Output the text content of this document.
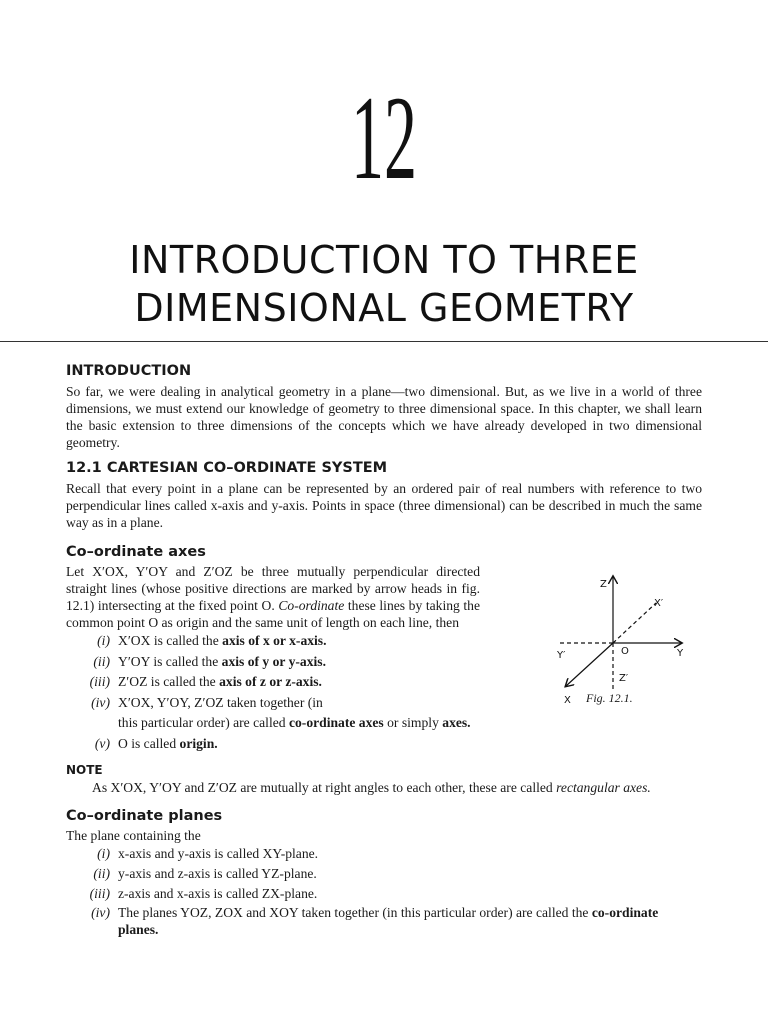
12
INTRODUCTION TO THREE
DIMENSIONAL GEOMETRY
INTRODUCTION

So far, we were dealing in analytical geometry in a plane—two dimensional. But, as we live in a world of three dimensions, we must extend our knowledge of geometry to three dimensional space. In this chapter, we shall learn the basic extension to three dimensions of the concepts which we have already developed in two dimensional geometry.

12.1 CARTESIAN CO–ORDINATE SYSTEM

Recall that every point in a plane can be represented by an ordered pair of real numbers with reference to two perpendicular lines called x-axis and y-axis. Points in space (three dimensional) can be described in much the same way as in a plane.

Co–ordinate axes

Let X′OX, Y′OY and Z′OZ be three mutually perpendicular directed straight lines (whose positive directions are marked by arrow heads in fig. 12.1) intersecting at the fixed point O. Co-ordinate these lines by taking the common point O as origin and the same unit of length on each line, then

(i) X′OX is called the axis of x or x-axis.
(ii) Y′OY is called the axis of y or y-axis.
(iii) Z′OZ is called the axis of z or z-axis.
(iv) X′OX, Y′OY, Z′OZ taken together (in
this particular order) are called co-ordinate axes or simply axes.
(v) O is called origin.
Z
X′
Y′	O	Y
X
Z′
Fig. 12.1.
NOTE

As X′OX, Y′OY and Z′OZ are mutually at right angles to each other, these are called rectangular axes.

Co–ordinate planes

The plane containing the

(i) x-axis and y-axis is called XY-plane.
(ii) y-axis and z-axis is called YZ-plane.
(iii) z-axis and x-axis is called ZX-plane.
(iv) The planes YOZ, ZOX and XOY taken together (in this particular order) are called the co-ordinate planes.
